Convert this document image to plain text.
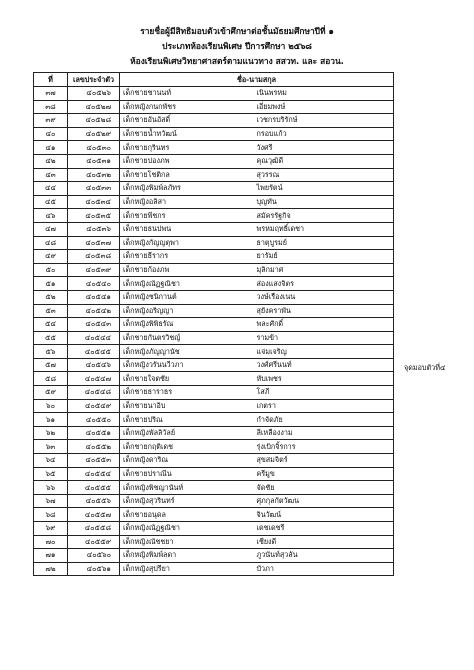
รายชื่อผู้มีสิทธิมอบตัวเข้าศึกษาต่อชั้นมัธยมศึกษาปีที่ ๑
ประเภทห้องเรียนพิเศษ ปีการศึกษา ๒๕๖๘
ห้องเรียนพิเศษวิทยาศาสตร์ตามแนวทาง สสวท. และ สอวน.
ที่	เลขประจำตัว	ชื่อ-นามสกุล
๓๗	๔๐๕๒๖	เด็กชายชานนท์ เนินพรหม

๓๘	๔๐๕๒๗	เด็กหญิงกนกพัชร เอี่ยมพงษ์

๓๙	๔๐๕๒๘	เด็กชายอันอัสดิ์ เวชกรบริรักษ์

๔๐	๔๐๕๒๙	เด็กชายน้ำทวัฒน์ กรอบแก้ว

๔๑	๔๐๕๓๐	เด็กชายกุรินทร วังศรี

๔๒	๔๐๕๓๑	เด็กชายปองภพ คุณวุฒิดี

๔๓	๔๐๕๓๒	เด็กชายโชติกล สุวรรณ

๔๔	๔๐๕๓๓	เด็กหญิงพิมพ์ลภัทร ไพยรัตน์

๔๕	๔๐๕๓๔	เด็กหญิงอลิสา บุญทัน

๔๖	๔๐๕๓๕	เด็กชายพีชกร สมัครรัฐกิจ

๔๗	๔๐๕๓๖	เด็กชายธนปพน พรหมฤทธิ์เดชา

๔๘	๔๐๕๓๗	เด็กหญิงกัญญตุพา ธาตุบูรมย์

๔๙	๔๐๕๓๘	เด็กชายธีรากร ยารัมย์

๕๐	๔๐๕๓๙	เด็กชายก้องภพ มุลิกมาศ

๕๑	๔๐๕๔๐	เด็กหญิงณัฏฐณิชา ส่องแสงจิตร

๕๒	๔๐๕๔๑	เด็กหญิงชนิกานต์ วงษ์เรืองเนน

๕๓	๔๐๕๔๒	เด็กหญิงอริญญา สุยังคราพัน

๕๔	๔๐๕๔๓	เด็กหญิงพิพิธรัณ พละศักดิ์

๕๕	๔๐๕๔๔	เด็กชายกันตรวิชญ์ รามข้า

๕๖	๔๐๕๔๕	เด็กหญิงภัญญานัช แจ่มเจริญ

๕๗	๔๐๕๔๖	เด็กหญิงวรันนวีวภา วงศ์ศรีนนท์

๕๘	๔๐๕๔๗	เด็กชายใจตชัย หับเพชร

๕๙	๔๐๕๔๘	เด็กชายธาราธร โสภี

๖๐	๔๐๕๔๙	เด็กชายนาอิบ เกตรา

๖๑	๔๐๕๕๐	เด็กชายปริณ กำจัดภัย

๖๒	๔๐๕๕๑	เด็กหญิงพัลลิวัลย์ ลีเหลืองงาม

๖๓	๔๐๕๕๒	เด็กชายกฤติเดช รุ่งเบิกจิ้รการ

๖๔	๔๐๕๕๓	เด็กหญิงดาริณ สุขสมจิตร์

๖๕	๔๐๕๕๔	เด็กชายปราณีน ครีมูข

๖๖	๔๐๕๕๕	เด็กหญิงพิชญานันท์ จัดชัย

๖๗	๔๐๕๕๖	เด็กหญิงสุวรินทร์ ศุภกุลกัตวัฒน

๖๘	๔๐๕๕๗	เด็กชายอนุดล จินวัฒน์

๖๙	๔๐๕๕๘	เด็กหญิงณัฏฐณิชา เดชเดชรี

๗๐	๔๐๕๕๙	เด็กหญิงณัชชยา เชียงดี

๗๑	๔๐๕๖๐	เด็กหญิงพิมพ์ลดา ภูวนันท์สุวลัน

๗๒	๔๐๕๖๑	เด็กหญิงสุปรียา บัวภา
จุดมอบตัวที่๔
